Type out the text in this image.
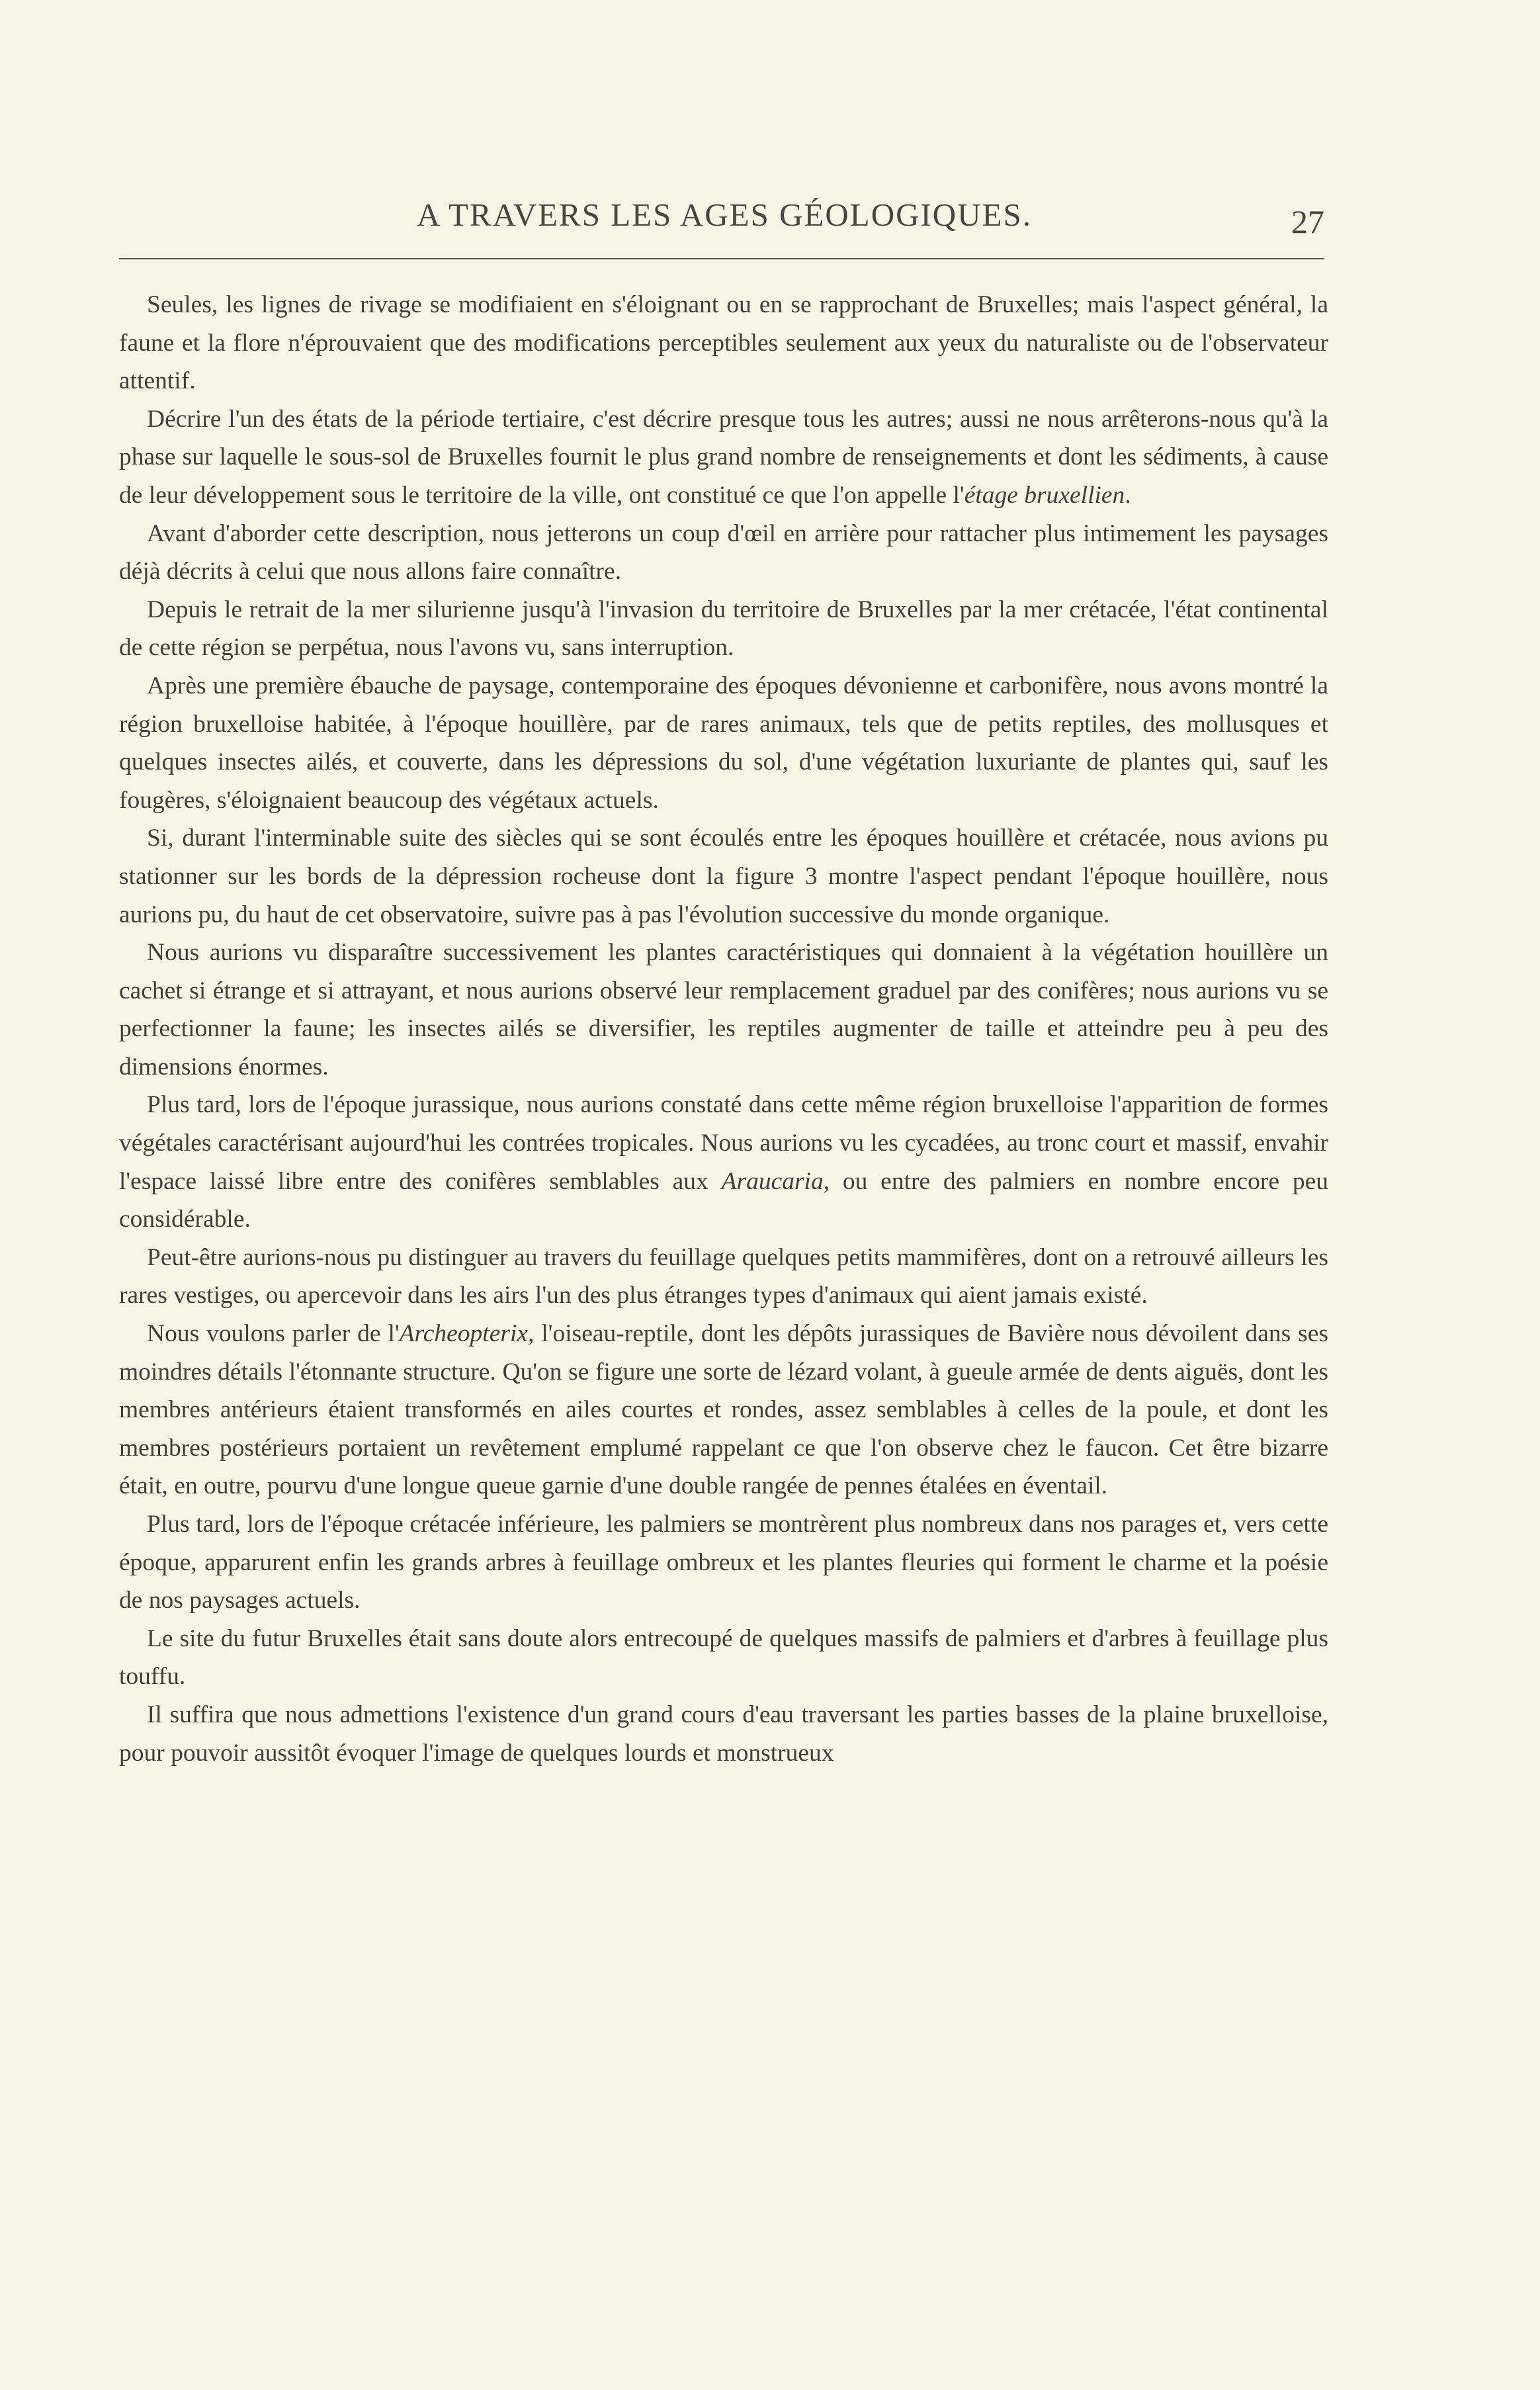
A TRAVERS LES AGES GÉOLOGIQUES.	27

Seules, les lignes de rivage se modifiaient en s'éloignant ou en se rapprochant de Bruxelles; mais l'aspect général, la faune et la flore n'éprouvaient que des modifications perceptibles seulement aux yeux du naturaliste ou de l'observateur attentif.

Décrire l'un des états de la période tertiaire, c'est décrire presque tous les autres; aussi ne nous arrêterons-nous qu'à la phase sur laquelle le sous-sol de Bruxelles fournit le plus grand nombre de renseignements et dont les sédiments, à cause de leur développement sous le territoire de la ville, ont constitué ce que l'on appelle l'étage bruxellien.

Avant d'aborder cette description, nous jetterons un coup d'œil en arrière pour rattacher plus intimement les paysages déjà décrits à celui que nous allons faire connaître.

Depuis le retrait de la mer silurienne jusqu'à l'invasion du territoire de Bruxelles par la mer crétacée, l'état continental de cette région se perpétua, nous l'avons vu, sans interruption.

Après une première ébauche de paysage, contemporaine des époques dévonienne et carbonifère, nous avons montré la région bruxelloise habitée, à l'époque houillère, par de rares animaux, tels que de petits reptiles, des mollusques et quelques insectes ailés, et couverte, dans les dépressions du sol, d'une végétation luxuriante de plantes qui, sauf les fougères, s'éloignaient beaucoup des végétaux actuels.

Si, durant l'interminable suite des siècles qui se sont écoulés entre les époques houillère et crétacée, nous avions pu stationner sur les bords de la dépression rocheuse dont la figure 3 montre l'aspect pendant l'époque houillère, nous aurions pu, du haut de cet observatoire, suivre pas à pas l'évolution successive du monde organique.

Nous aurions vu disparaître successivement les plantes caractéristiques qui donnaient à la végétation houillère un cachet si étrange et si attrayant, et nous aurions observé leur remplacement graduel par des conifères; nous aurions vu se perfectionner la faune; les insectes ailés se diversifier, les reptiles augmenter de taille et atteindre peu à peu des dimensions énormes.

Plus tard, lors de l'époque jurassique, nous aurions constaté dans cette même région bruxelloise l'apparition de formes végétales caractérisant aujourd'hui les contrées tropicales. Nous aurions vu les cycadées, au tronc court et massif, envahir l'espace laissé libre entre des conifères semblables aux Araucaria, ou entre des palmiers en nombre encore peu considérable.

Peut-être aurions-nous pu distinguer au travers du feuillage quelques petits mammifères, dont on a retrouvé ailleurs les rares vestiges, ou apercevoir dans les airs l'un des plus étranges types d'animaux qui aient jamais existé.

Nous voulons parler de l'Archeopterix, l'oiseau-reptile, dont les dépôts jurassiques de Bavière nous dévoilent dans ses moindres détails l'étonnante structure. Qu'on se figure une sorte de lézard volant, à gueule armée de dents aiguës, dont les membres antérieurs étaient transformés en ailes courtes et rondes, assez semblables à celles de la poule, et dont les membres postérieurs portaient un revêtement emplumé rappelant ce que l'on observe chez le faucon. Cet être bizarre était, en outre, pourvu d'une longue queue garnie d'une double rangée de pennes étalées en éventail.

Plus tard, lors de l'époque crétacée inférieure, les palmiers se montrèrent plus nombreux dans nos parages et, vers cette époque, apparurent enfin les grands arbres à feuillage ombreux et les plantes fleuries qui forment le charme et la poésie de nos paysages actuels.

Le site du futur Bruxelles était sans doute alors entrecoupé de quelques massifs de palmiers et d'arbres à feuillage plus touffu.

Il suffira que nous admettions l'existence d'un grand cours d'eau traversant les parties basses de la plaine bruxelloise, pour pouvoir aussitôt évoquer l'image de quelques lourds et monstrueux
